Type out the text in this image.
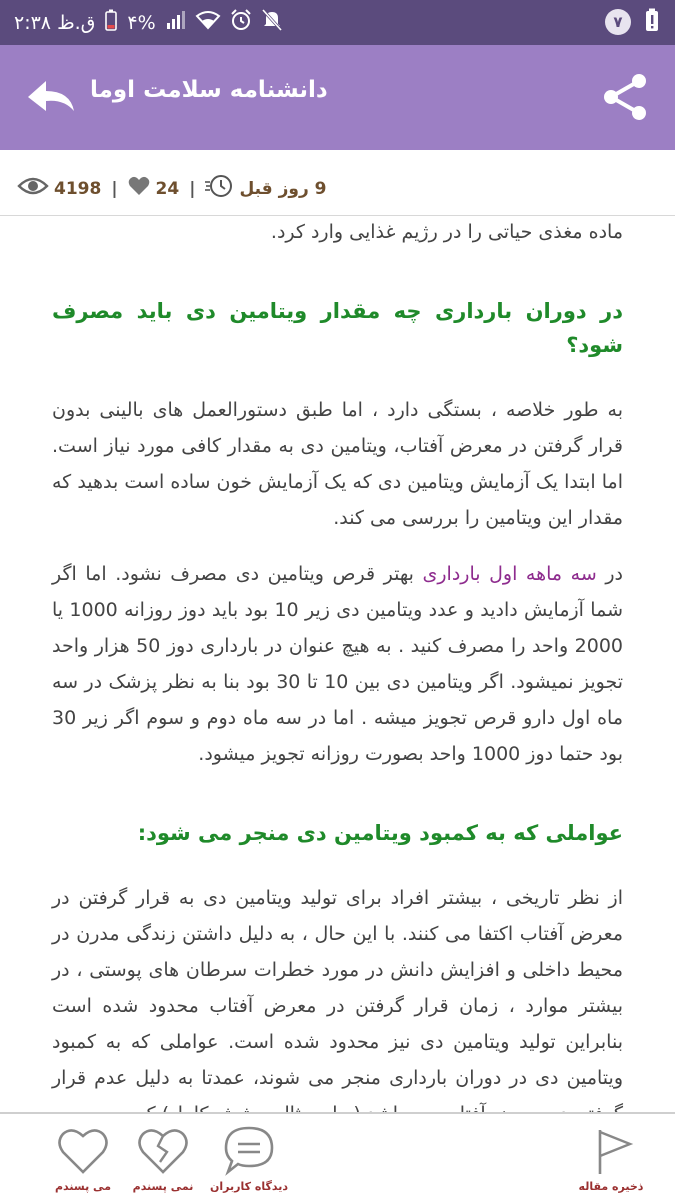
۲:۳۸ ق.ظ ۴%	۷
دانشنامه سلامت اوما
4198 | 24 |	9 روز قبل

ماده مغذی حیاتی را در رژیم غذایی وارد کرد.

در دوران بارداری چه مقدار ویتامین دی باید مصرف شود؟

به طور خلاصه ، بستگی دارد ، اما طبق دستورالعمل های بالینی بدون قرار گرفتن در معرض آفتاب، ویتامین دی به مقدار کافی مورد نیاز است. اما ابتدا یک آزمایش ویتامین دی که یک آزمایش خون ساده است بدهید که مقدار این ویتامین را بررسی می کند.

در سه ماهه اول بارداری بهتر قرص ویتامین دی مصرف نشود. اما اگر شما آزمایش دادید و عدد ویتامین دی زیر 10 بود باید دوز روزانه 1000 یا 2000 واحد را مصرف کنید . به هیچ عنوان در بارداری دوز 50 هزار واحد تجویز نمیشود. اگر ویتامین دی بین 10 تا 30 بود بنا به نظر پزشک در سه ماه اول دارو قرص تجویز میشه . اما در سه ماه دوم و سوم اگر زیر 30 بود حتما دوز 1000 واحد بصورت روزانه تجویز میشود.

عواملی که به کمبود ویتامین دی منجر می شود:

از نظر تاریخی ، بیشتر افراد برای تولید ویتامین دی به قرار گرفتن در معرض آفتاب اکتفا می کنند. با این حال ، به دلیل داشتن زندگی مدرن در محیط داخلی و افزایش دانش در مورد خطرات سرطان های پوستی ، در بیشتر موارد ، زمان قرار گرفتن در معرض آفتاب محدود شده است بنابراین تولید ویتامین دی نیز محدود شده است. عواملی که به کمبود ویتامین دی در دوران بارداری منجر می شوند، عمدتا به دلیل عدم قرار

ذخیره مقاله
دیدگاه کاربران
نمی پسندم
می پسندم
